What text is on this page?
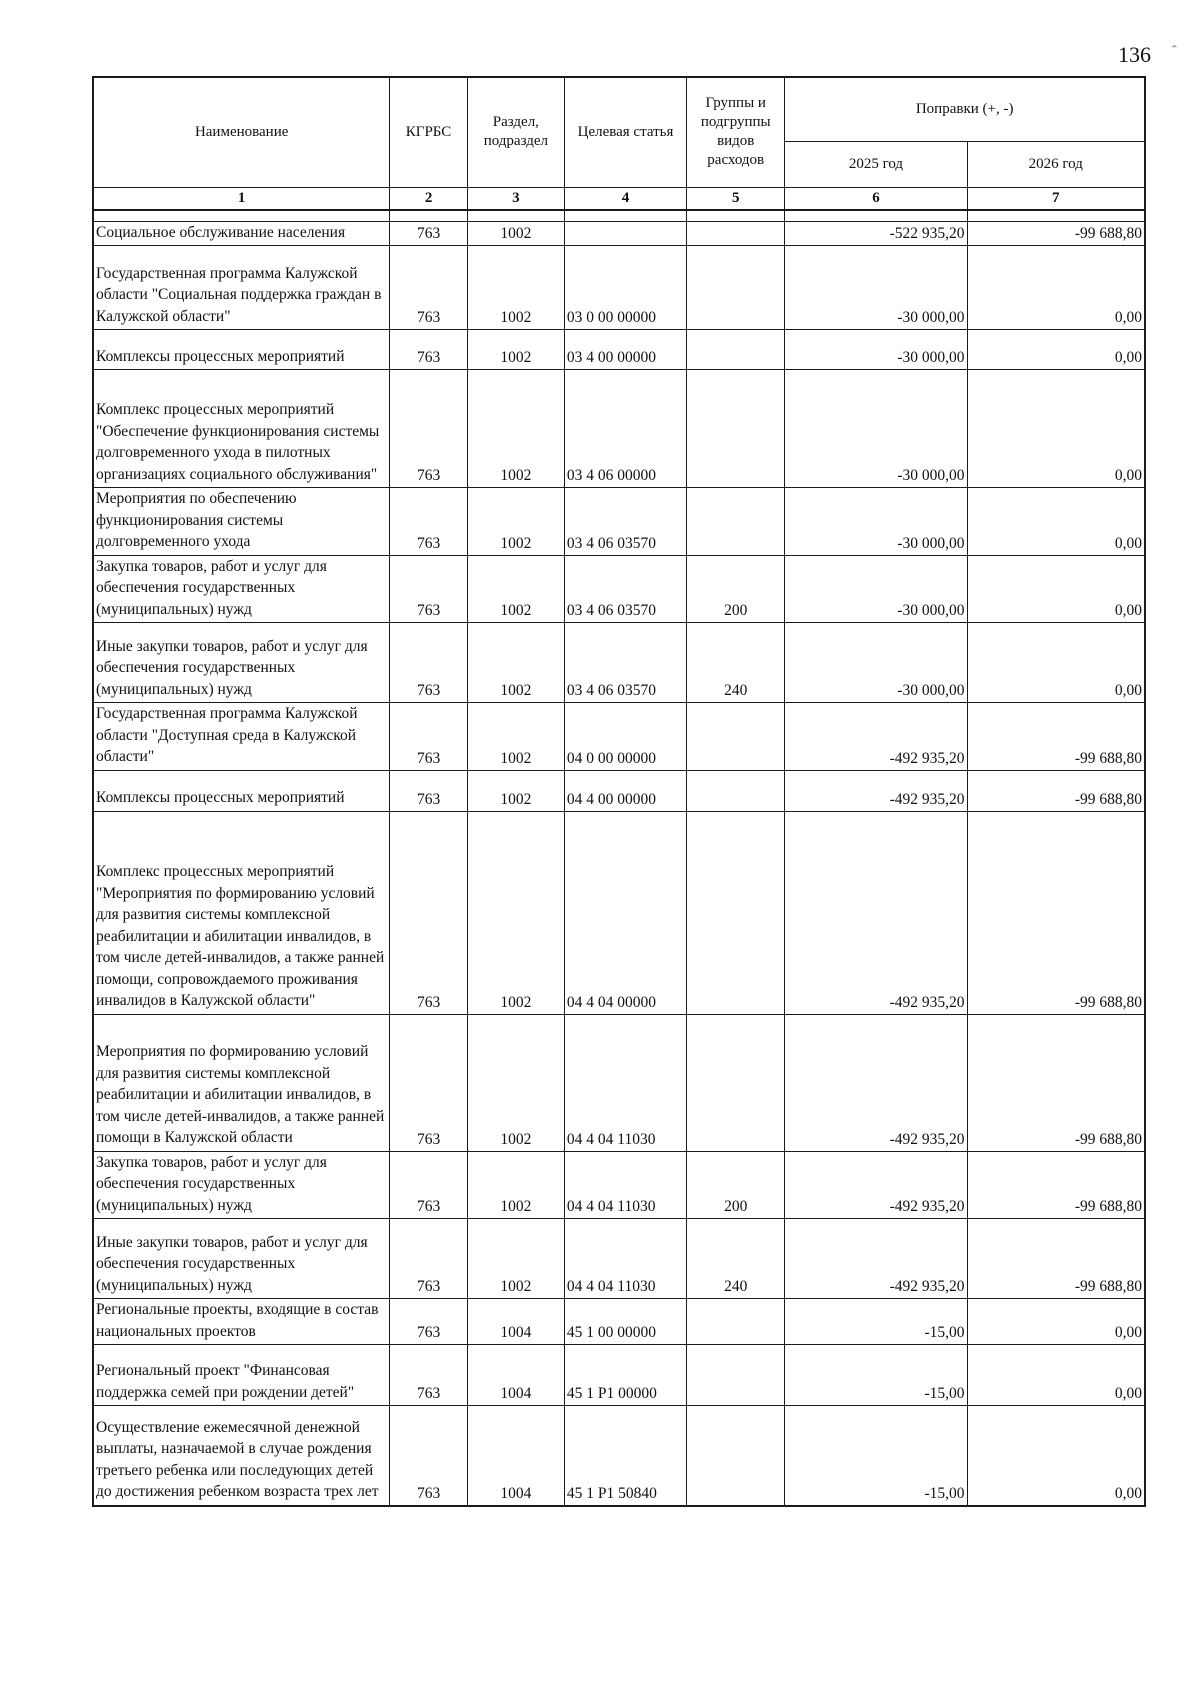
136 ˆ
Наименование	КГРБС	Раздел, подраздел	Целевая статья	Группы и подгруппы видов расходов	Поправки (+, -)	
					2025 год	2026 год
1	2	3	4	5	6	7

Социальное обслуживание населения	763	1002			-522 935,20	-99 688,80
Государственная программа Калужской области "Социальная поддержка граждан в Калужской области"	763	1002	03 0 00 00000		-30 000,00	0,00
Комплексы процессных мероприятий	763	1002	03 4 00 00000		-30 000,00	0,00
Комплекс процессных мероприятий "Обеспечение функционирования системы долговременного ухода в пилотных организациях социального обслуживания"	763	1002	03 4 06 00000		-30 000,00	0,00
Мероприятия по обеспечению функционирования системы долговременного ухода	763	1002	03 4 06 03570		-30 000,00	0,00
Закупка товаров, работ и услуг для обеспечения государственных (муниципальных) нужд	763	1002	03 4 06 03570	200	-30 000,00	0,00
Иные закупки товаров, работ и услуг для обеспечения государственных (муниципальных) нужд	763	1002	03 4 06 03570	240	-30 000,00	0,00
Государственная программа Калужской области "Доступная среда в Калужской области"	763	1002	04 0 00 00000		-492 935,20	-99 688,80
Комплексы процессных мероприятий	763	1002	04 4 00 00000		-492 935,20	-99 688,80
Комплекс процессных мероприятий "Мероприятия по формированию условий для развития системы комплексной реабилитации и абилитации инвалидов, в том числе детей-инвалидов, а также ранней помощи, сопровождаемого проживания инвалидов в Калужской области"	763	1002	04 4 04 00000		-492 935,20	-99 688,80
Мероприятия по формированию условий для развития системы комплексной реабилитации и абилитации инвалидов, в том числе детей-инвалидов, а также ранней помощи в Калужской области	763	1002	04 4 04 11030		-492 935,20	-99 688,80
Закупка товаров, работ и услуг для обеспечения государственных (муниципальных) нужд	763	1002	04 4 04 11030	200	-492 935,20	-99 688,80
Иные закупки товаров, работ и услуг для обеспечения государственных (муниципальных) нужд	763	1002	04 4 04 11030	240	-492 935,20	-99 688,80
Региональные проекты, входящие в состав национальных проектов	763	1004	45 1 00 00000		-15,00	0,00
Региональный проект "Финансовая поддержка семей при рождении детей"	763	1004	45 1 P1 00000		-15,00	0,00
Осуществление ежемесячной денежной выплаты, назначаемой в случае рождения третьего ребенка или последующих детей до достижения ребенком возраста трех лет	763	1004	45 1 P1 50840		-15,00	0,00
